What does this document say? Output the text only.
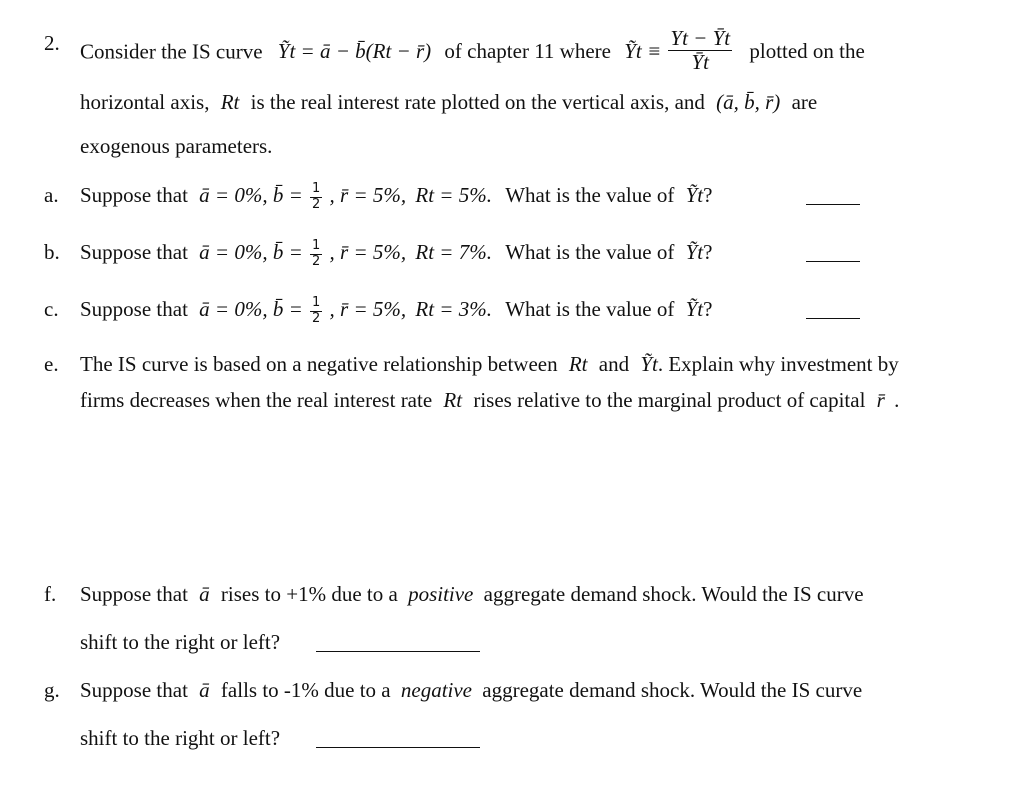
2. Consider the IS curve Ỹt = ā − b̄(Rt − r̄) of chapter 11 where Ỹt ≡ $\frac{Yt - Ȳt}{Ȳt}$ plotted on the
horizontal axis, Rt is the real interest rate plotted on the vertical axis, and (ā, b̄, r̄) are
exogenous parameters.
a. Suppose that ā = 0%, b̄ = $\frac{1}{2}$ , r̄ = 5%, Rt = 5%. What is the value of Ỹt?
b. Suppose that ā = 0%, b̄ = $\frac{1}{2}$ , r̄ = 5%, Rt = 7%. What is the value of Ỹt?
c. Suppose that ā = 0%, b̄ = $\frac{1}{2}$ , r̄ = 5%, Rt = 3%. What is the value of Ỹt?
e. The IS curve is based on a negative relationship between Rt and Ỹt. Explain why investment by
firms decreases when the real interest rate Rt rises relative to the marginal product of capital r̄ .
f. Suppose that ā rises to +1% due to a positive aggregate demand shock. Would the IS curve
shift to the right or left?
g. Suppose that ā falls to -1% due to a negative aggregate demand shock. Would the IS curve
shift to the right or left?
